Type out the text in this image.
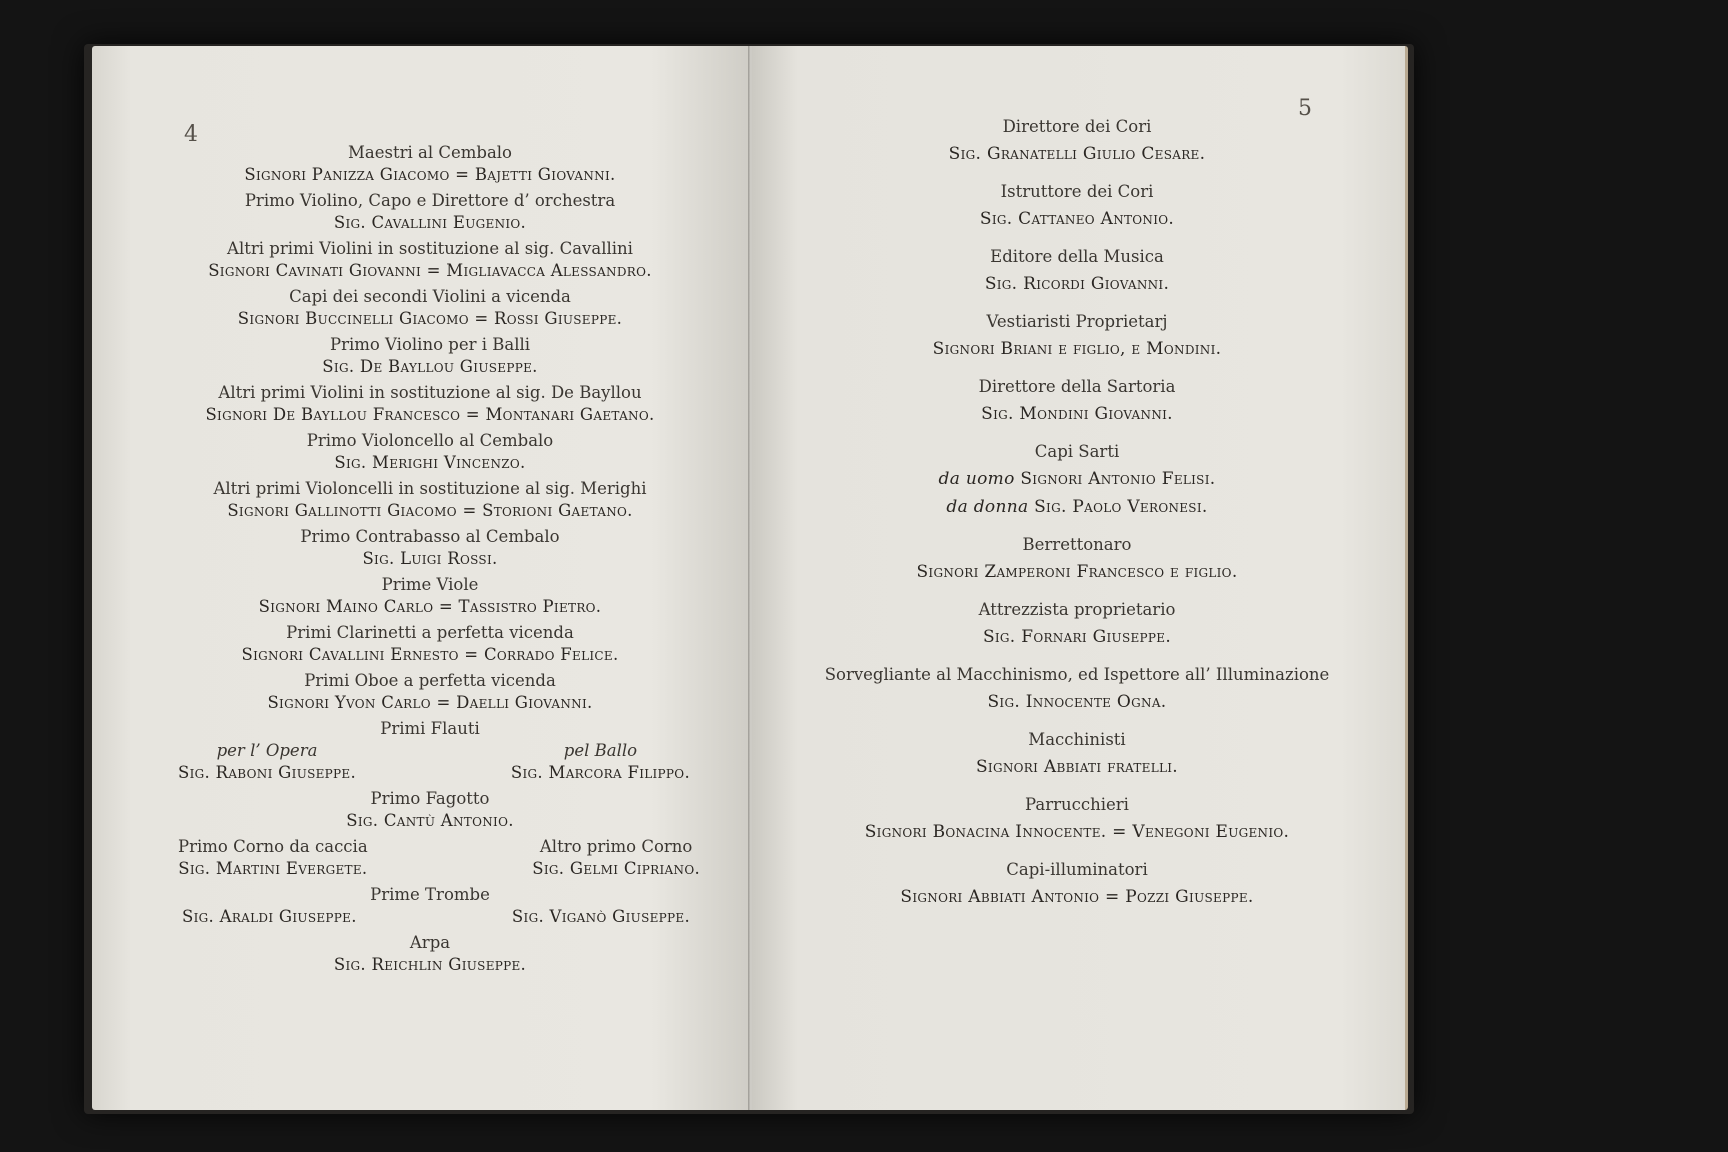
4
Maestri al Cembalo
Signori Panizza Giacomo = Bajetti Giovanni.
Primo Violino, Capo e Direttore d’ orchestra
Sig. Cavallini Eugenio.
Altri primi Violini in sostituzione al sig. Cavallini
Signori Cavinati Giovanni = Migliavacca Alessandro.
Capi dei secondi Violini a vicenda
Signori Buccinelli Giacomo = Rossi Giuseppe.
Primo Violino per i Balli
Sig. De Bayllou Giuseppe.
Altri primi Violini in sostituzione al sig. De Bayllou
Signori De Bayllou Francesco = Montanari Gaetano.
Primo Violoncello al Cembalo
Sig. Merighi Vincenzo.
Altri primi Violoncelli in sostituzione al sig. Merighi
Signori Gallinotti Giacomo = Storioni Gaetano.
Primo Contrabasso al Cembalo
Sig. Luigi Rossi.
Prime Viole
Signori Maino Carlo = Tassistro Pietro.
Primi Clarinetti a perfetta vicenda
Signori Cavallini Ernesto = Corrado Felice.
Primi Oboe a perfetta vicenda
Signori Yvon Carlo = Daelli Giovanni.
Primi Flauti
per l’ Opera
Sig. Raboni Giuseppe.
pel Ballo
Sig. Marcora Filippo.
Primo Fagotto
Sig. Cantù Antonio.
Primo Corno da caccia
Sig. Martini Evergete.
Altro primo Corno
Sig. Gelmi Cipriano.
Prime Trombe
Sig. Araldi Giuseppe.	Sig. Viganò Giuseppe.
Arpa
Sig. Reichlin Giuseppe.
5
Direttore dei Cori
Sig. Granatelli Giulio Cesare.
Istruttore dei Cori
Sig. Cattaneo Antonio.
Editore della Musica
Sig. Ricordi Giovanni.
Vestiaristi Proprietarj
Signori Briani e figlio, e Mondini.
Direttore della Sartoria
Sig. Mondini Giovanni.
Capi Sarti
da uomo Signori Antonio Felisi.
da donna Sig. Paolo Veronesi.
Berrettonaro
Signori Zamperoni Francesco e figlio.
Attrezzista proprietario
Sig. Fornari Giuseppe.
Sorvegliante al Macchinismo, ed Ispettore all’ Illuminazione
Sig. Innocente Ogna.
Macchinisti
Signori Abbiati fratelli.
Parrucchieri
Signori Bonacina Innocente. = Venegoni Eugenio.
Capi-illuminatori
Signori Abbiati Antonio = Pozzi Giuseppe.
